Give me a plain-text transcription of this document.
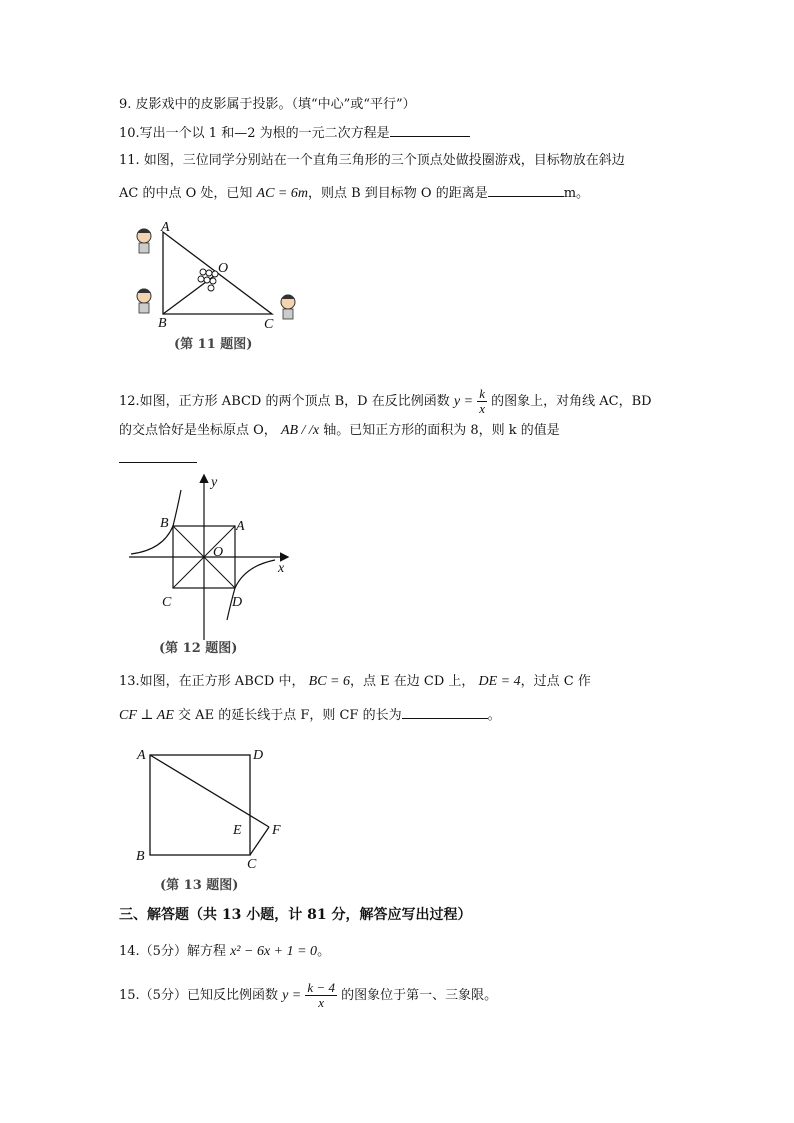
9. 皮影戏中的皮影属于投影。（填“中心”或“平行”）
10.写出一个以 1 和—2 为根的一元二次方程是
11. 如图，三位同学分别站在一个直角三角形的三个顶点处做投圈游戏，目标物放在斜边
AC 的中点 O 处，已知 AC = 6m，则点 B 到目标物 O 的距离是	m。
A
O
B	C
(第 11 题图)
12.如图，正方形 ABCD 的两个顶点 B，D 在反比例函数 $y = \frac{k}{x}$ 的图象上，对角线 AC，BD
的交点恰好是坐标原点 O， AB / /x 轴。已知正方形的面积为 8，则 k 的值是
y
x
B	A
O
C	D
(第 12 题图)
13.如图，在正方形 ABCD 中， BC = 6，点 E 在边 CD 上， DE = 4，过点 C 作
CF ⊥ AE 交 AE 的延长线于点 F，则 CF 的长为	。
A	D
E F
B
C
(第 13 题图)
三、解答题（共 13 小题，计 81 分，解答应写出过程）
14.（5分）解方程 x² − 6x + 1 = 0。
15.（5分）已知反比例函数 $y = \frac{k - 4}{x}$ 的图象位于第一、三象限。
